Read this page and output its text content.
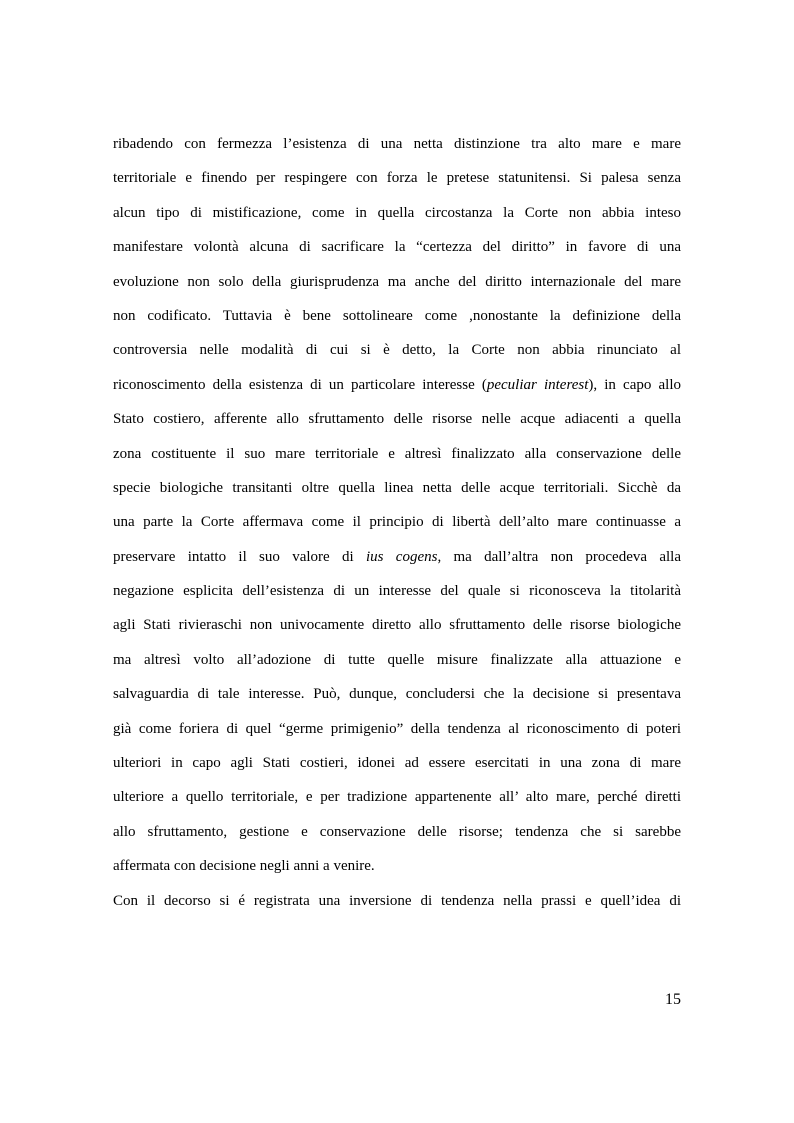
ribadendo con fermezza l’esistenza di una netta distinzione tra alto mare e mare
territoriale e finendo per respingere con forza le pretese statunitensi. Si palesa senza
alcun tipo di mistificazione, come in quella circostanza la Corte non abbia inteso
manifestare volontà alcuna di sacrificare la “certezza del diritto” in favore di una
evoluzione non solo della giurisprudenza ma anche del diritto internazionale del mare
non codificato. Tuttavia è bene sottolineare come ,nonostante la definizione della
controversia nelle modalità di cui si è detto, la Corte non abbia rinunciato al
riconoscimento della esistenza di un particolare interesse (peculiar interest), in capo allo
Stato costiero, afferente allo sfruttamento delle risorse nelle acque adiacenti a quella
zona costituente il suo mare territoriale e altresì finalizzato alla conservazione delle
specie biologiche transitanti oltre quella linea netta delle acque territoriali. Sicchè da
una parte la Corte affermava come il principio di libertà dell’alto mare continuasse a
preservare intatto il suo valore di ius cogens, ma dall’altra non procedeva alla
negazione esplicita dell’esistenza di un interesse del quale si riconosceva la titolarità
agli Stati rivieraschi non univocamente diretto allo sfruttamento delle risorse biologiche
ma altresì volto all’adozione di tutte quelle misure finalizzate alla attuazione e
salvaguardia di tale interesse. Può, dunque, concludersi che la decisione si presentava
già come foriera di quel “germe primigenio” della tendenza al riconoscimento di poteri
ulteriori in capo agli Stati costieri, idonei ad essere esercitati in una zona di mare
ulteriore a quello territoriale, e per tradizione appartenente all’ alto mare, perché diretti
allo sfruttamento, gestione e conservazione delle risorse; tendenza che si sarebbe
affermata con decisione negli anni a venire.
Con il decorso si é registrata una inversione di tendenza nella prassi e quell’idea di
15
